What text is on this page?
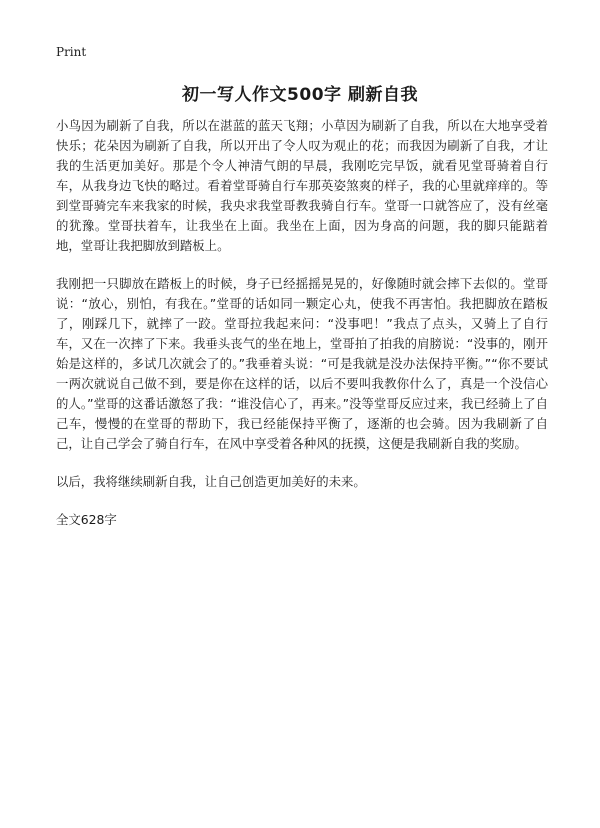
Print
初一写人作文500字 刷新自我

小鸟因为刷新了自我，所以在湛蓝的蓝天飞翔；小草因为刷新了自我，所以在大地享受着快乐；花朵因为刷新了自我，所以开出了令人叹为观止的花；而我因为刷新了自我，才让我的生活更加美好。那是个令人神清气朗的早晨，我刚吃完早饭，就看见堂哥骑着自行车，从我身边飞快的略过。看着堂哥骑自行车那英姿煞爽的样子，我的心里就痒痒的。等到堂哥骑完车来我家的时候，我央求我堂哥教我骑自行车。堂哥一口就答应了，没有丝毫的犹豫。堂哥扶着车，让我坐在上面。我坐在上面，因为身高的问题，我的脚只能踮着地，堂哥让我把脚放到踏板上。

我刚把一只脚放在踏板上的时候，身子已经摇摇晃晃的，好像随时就会摔下去似的。堂哥说：“放心，别怕，有我在。”堂哥的话如同一颗定心丸，使我不再害怕。我把脚放在踏板了，刚踩几下，就摔了一跤。堂哥拉我起来问：“没事吧！”我点了点头，又骑上了自行车，又在一次摔了下来。我垂头丧气的坐在地上，堂哥拍了拍我的肩膀说：“没事的，刚开始是这样的，多试几次就会了的。”我垂着头说：“可是我就是没办法保持平衡。”“你不要试一两次就说自己做不到，要是你在这样的话，以后不要叫我教你什么了，真是一个没信心的人。”堂哥的这番话激怒了我：“谁没信心了，再来。”没等堂哥反应过来，我已经骑上了自己车，慢慢的在堂哥的帮助下，我已经能保持平衡了，逐渐的也会骑。因为我刷新了自己，让自己学会了骑自行车，在风中享受着各种风的抚摸，这便是我刷新自我的奖励。

以后，我将继续刷新自我，让自己创造更加美好的未来。

全文628字
